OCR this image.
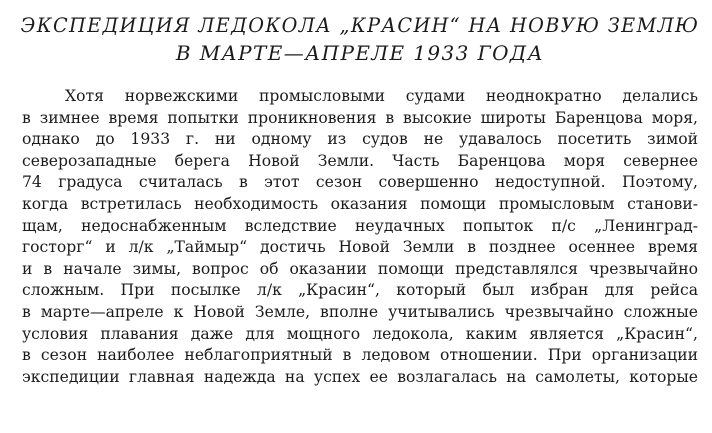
ЭКСПЕДИЦИЯ ЛЕДОКОЛА „КРАСИН“ НА НОВУЮ ЗЕМЛЮ
В МАРТЕ—АПРЕЛЕ 1933 ГОДА
Хотя норвежскими промысловыми судами неоднократно делались
в зимнее время попытки проникновения в высокие широты Баренцова моря,
однако до 1933 г. ни одному из судов не удавалось посетить зимой
северозападные берега Новой Земли. Часть Баренцова моря севернее
74 градуса считалась в этот сезон совершенно недоступной. Поэтому,
когда встретилась необходимость оказания помощи промысловым станови-
щам, недоснабженным вследствие неудачных попыток п/с „Ленинград-
госторг“ и л/к „Таймыр“ достичь Новой Земли в позднее осеннее время
и в начале зимы, вопрос об оказании помощи представлялся чрезвычайно
сложным. При посылке л/к „Красин“, который был избран для рейса
в марте—апреле к Новой Земле, вполне учитывались чрезвычайно сложные
условия плавания даже для мощного ледокола, каким является „Красин“,
в сезон наиболее неблагоприятный в ледовом отношении. При организации
экспедиции главная надежда на успех ее возлагалась на самолеты, которые
